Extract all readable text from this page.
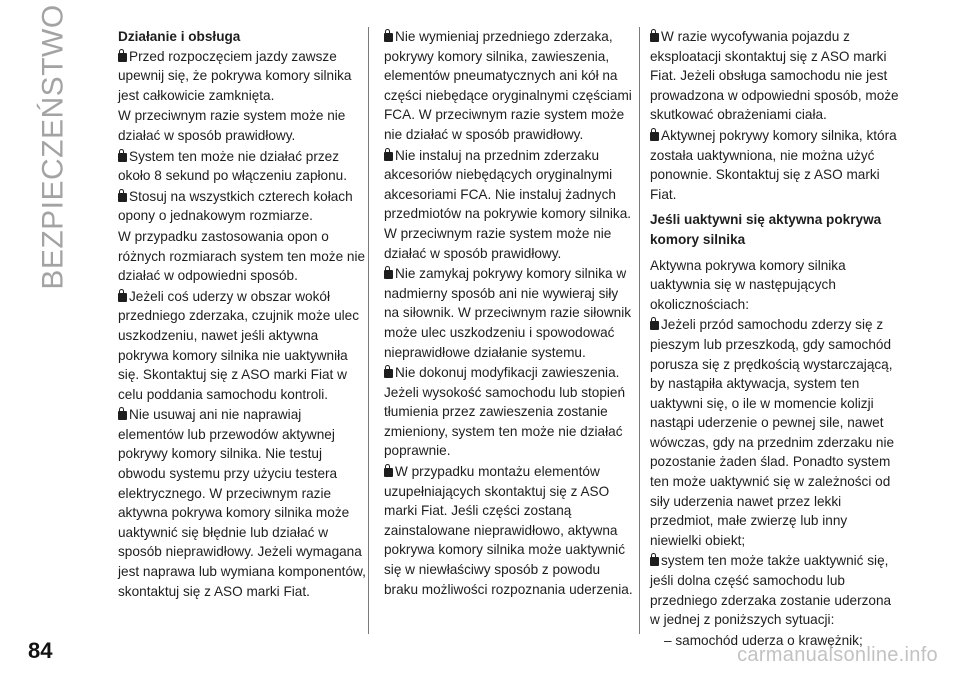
BEZPIECZEŃSTWO	Działanie i obsługa

Przed rozpoczęciem jazdy zawsze upewnij się, że pokrywa komory silnika jest całkowicie zamknięta.

W przeciwnym razie system może nie działać w sposób prawidłowy.

System ten może nie działać przez około 8 sekund po włączeniu zapłonu.

Stosuj na wszystkich czterech kołach opony o jednakowym rozmiarze.

W przypadku zastosowania opon o różnych rozmiarach system ten może nie działać w odpowiedni sposób.

Jeżeli coś uderzy w obszar wokół przedniego zderzaka, czujnik może ulec uszkodzeniu, nawet jeśli aktywna pokrywa komory silnika nie uaktywniła się. Skontaktuj się z ASO marki Fiat w celu poddania samochodu kontroli.

Nie usuwaj ani nie naprawiaj elementów lub przewodów aktywnej pokrywy komory silnika. Nie testuj obwodu systemu przy użyciu testera elektrycznego. W przeciwnym razie aktywna pokrywa komory silnika może uaktywnić się błędnie lub działać w sposób nieprawidłowy. Jeżeli wymagana jest naprawa lub wymiana komponentów, skontaktuj się z ASO marki Fiat.

Nie wymieniaj przedniego zderzaka, pokrywy komory silnika, zawieszenia, elementów pneumatycznych ani kół na części niebędące oryginalnymi częściami FCA. W przeciwnym razie system może nie działać w sposób prawidłowy.

Nie instaluj na przednim zderzaku akcesoriów niebędących oryginalnymi akcesoriami FCA. Nie instaluj żadnych przedmiotów na pokrywie komory silnika. W przeciwnym razie system może nie działać w sposób prawidłowy.

Nie zamykaj pokrywy komory silnika w nadmierny sposób ani nie wywieraj siły na siłownik. W przeciwnym razie siłownik może ulec uszkodzeniu i spowodować nieprawidłowe działanie systemu.

Nie dokonuj modyfikacji zawieszenia. Jeżeli wysokość samochodu lub stopień tłumienia przez zawieszenia zostanie zmieniony, system ten może nie działać poprawnie.

W przypadku montażu elementów uzupełniających skontaktuj się z ASO marki Fiat. Jeśli części zostaną zainstalowane nieprawidłowo, aktywna pokrywa komory silnika może uaktywnić się w niewłaściwy sposób z powodu braku możliwości rozpoznania uderzenia.

W razie wycofywania pojazdu z eksploatacji skontaktuj się z ASO marki Fiat. Jeżeli obsługa samochodu nie jest prowadzona w odpowiedni sposób, może skutkować obrażeniami ciała.

Aktywnej pokrywy komory silnika, która została uaktywniona, nie można użyć ponownie. Skontaktuj się z ASO marki Fiat.

Jeśli uaktywni się aktywna pokrywa komory silnika

Aktywna pokrywa komory silnika uaktywnia się w następujących okolicznościach:

Jeżeli przód samochodu zderzy się z pieszym lub przeszkodą, gdy samochód porusza się z prędkością wystarczającą, by nastąpiła aktywacja, system ten uaktywni się, o ile w momencie kolizji nastąpi uderzenie o pewnej sile, nawet wówczas, gdy na przednim zderzaku nie pozostanie żaden ślad. Ponadto system ten może uaktywnić się w zależności od siły uderzenia nawet przez lekki przedmiot, małe zwierzę lub inny niewielki obiekt;

system ten może także uaktywnić się, jeśli dolna część samochodu lub przedniego zderzaka zostanie uderzona w jednej z poniższych sytuacji:

– samochód uderza o krawężnik;

84	carmanualsonline.info
